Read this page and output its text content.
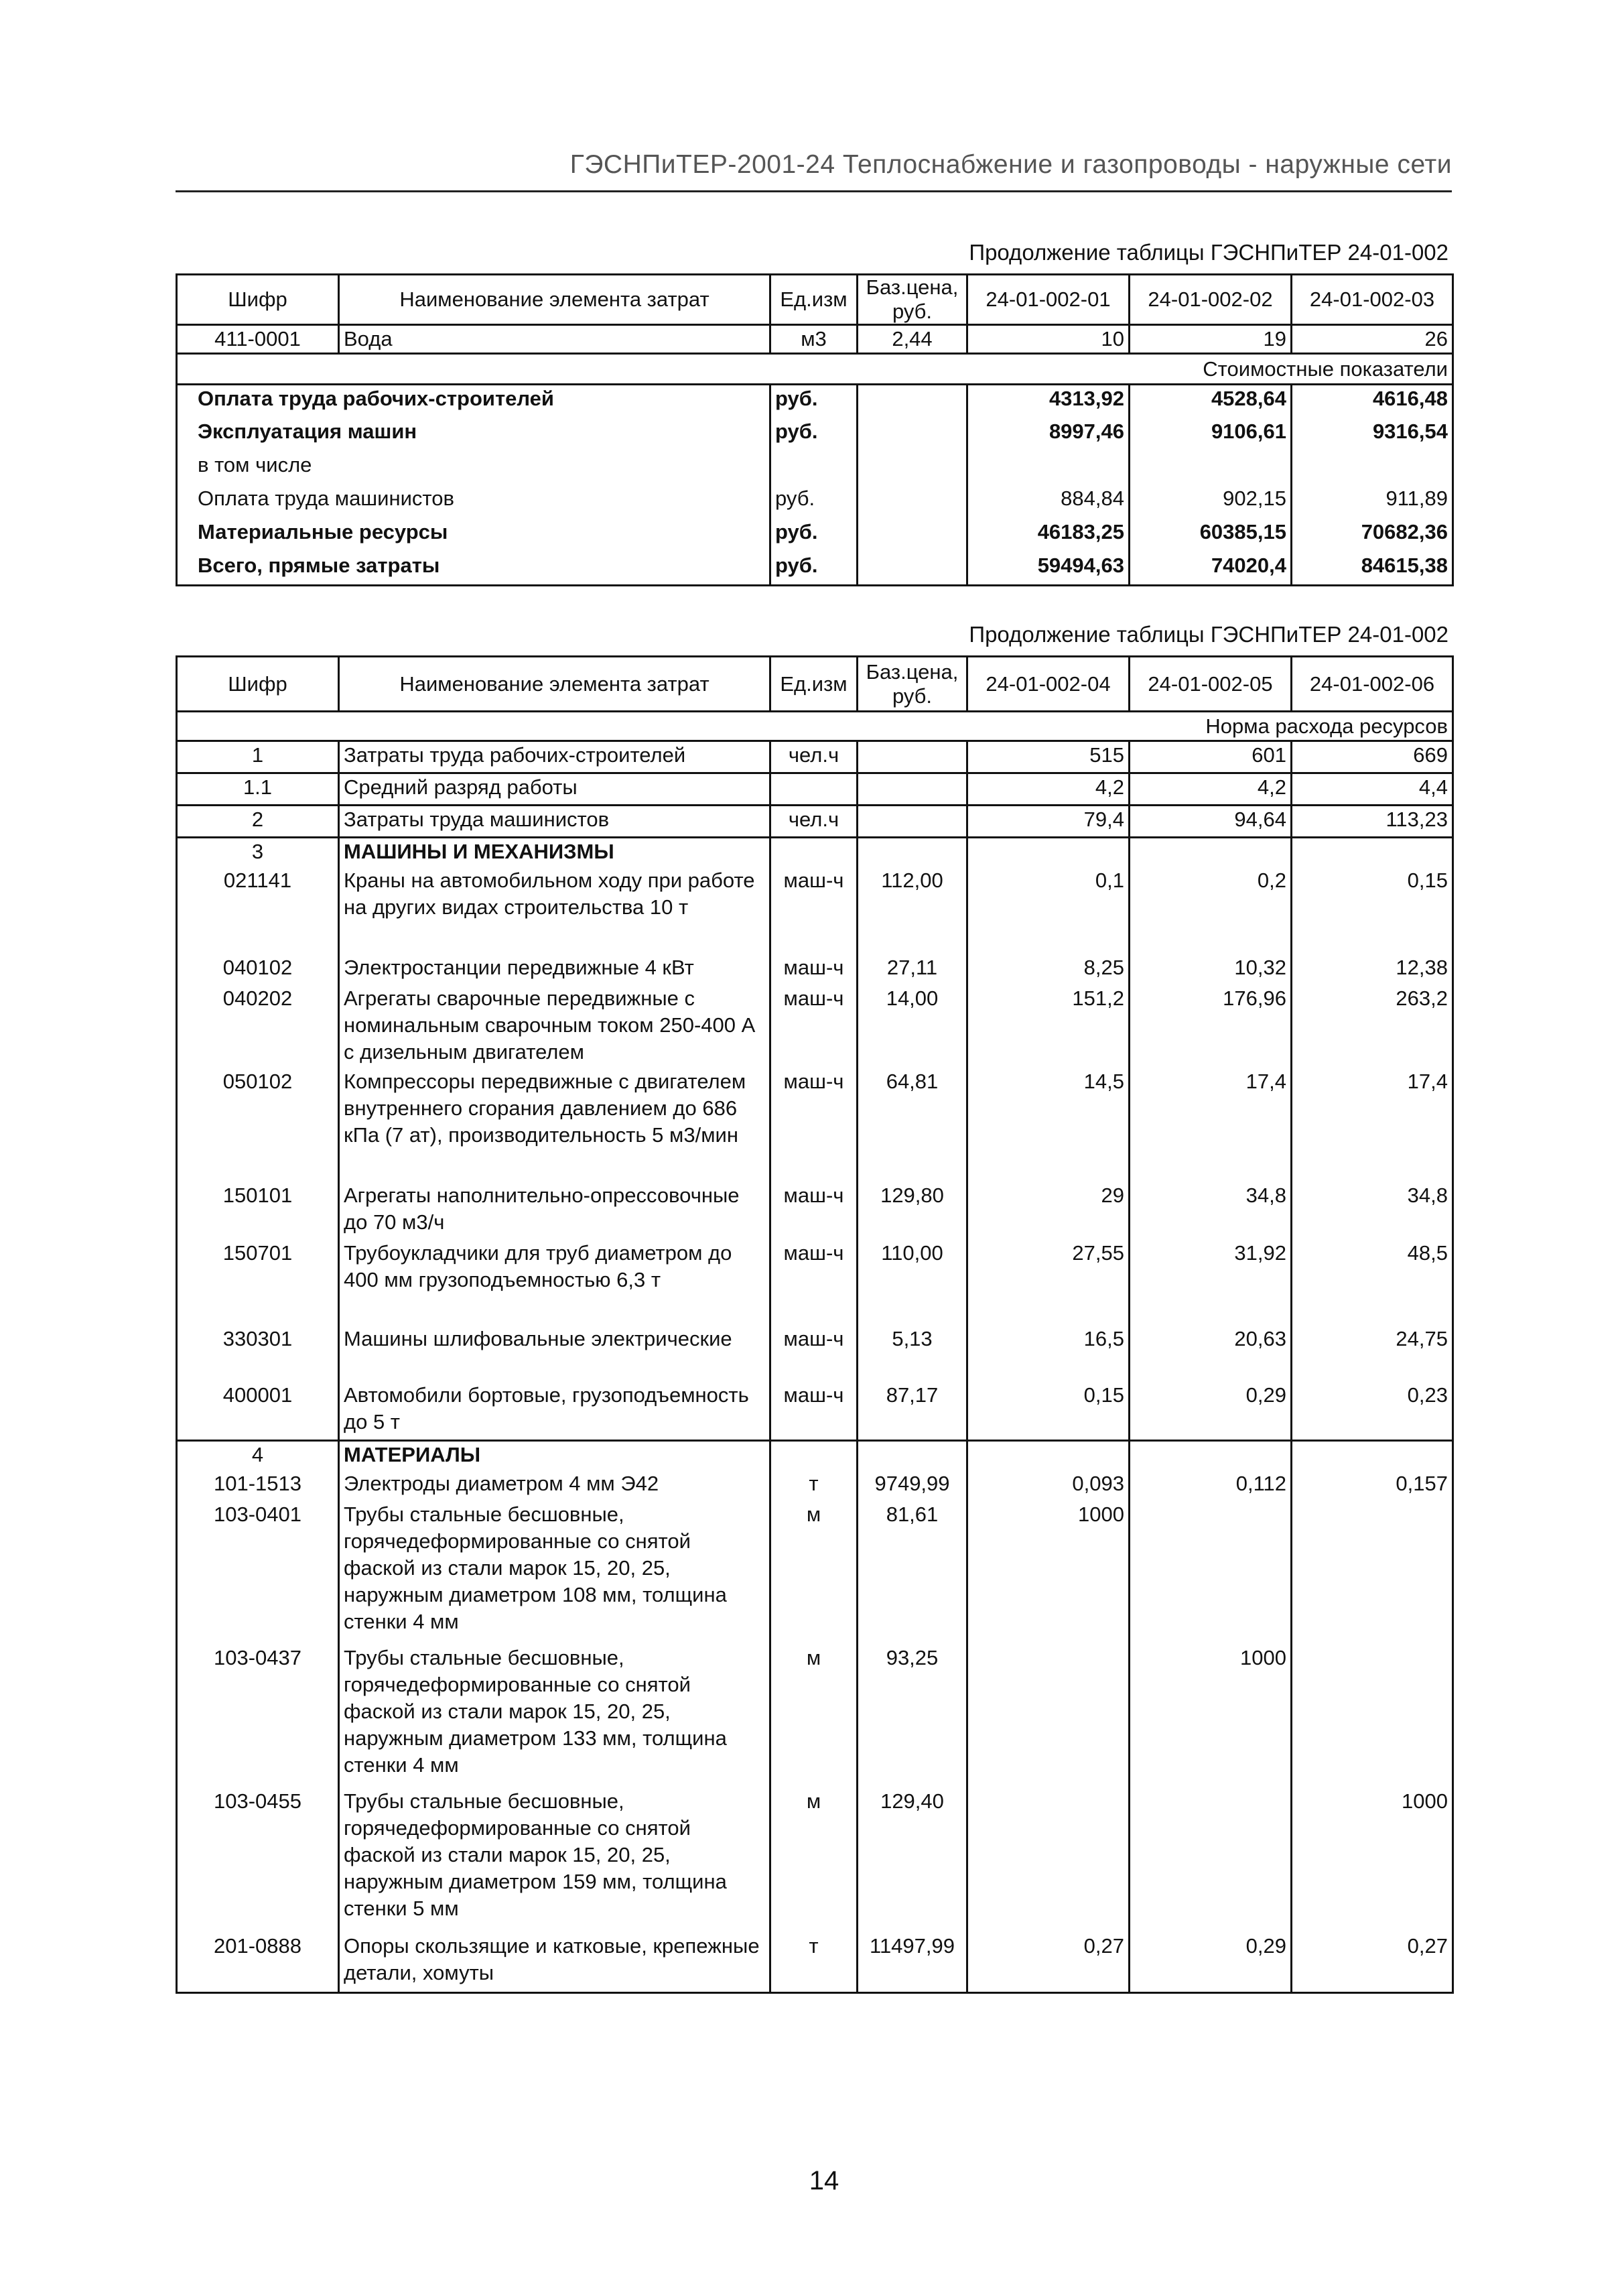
ГЭСНПиТЕР-2001-24 Теплоснабжение и газопроводы - наружные сети
Продолжение таблицы ГЭСНПиТЕР 24-01-002
Шифр	Наименование элемента затрат	Ед.изм	Баз.цена, руб.	24-01-002-01	24-01-002-02	24-01-002-03
411-0001	Вода	м3	2,44	10	19	26
Стоимостные показатели						
Оплата труда рабочих-строителей		руб.		4313,92	4528,64	4616,48
Эксплуатация машин		руб.		8997,46	9106,61	9316,54
в том числе						
Оплата труда машинистов		руб.		884,84	902,15	911,89
Материальные ресурсы		руб.		46183,25	60385,15	70682,36
Всего, прямые затраты		руб.		59494,63	74020,4	84615,38
Продолжение таблицы ГЭСНПиТЕР 24-01-002
Шифр	Наименование элемента затрат	Ед.изм	Баз.цена, руб.	24-01-002-04	24-01-002-05	24-01-002-06
Норма расхода ресурсов						
1	Затраты труда рабочих-строителей	чел.ч		515	601	669
1.1	Средний разряд работы			4,2	4,2	4,4
2	Затраты труда машинистов	чел.ч		79,4	94,64	113,23
3	МАШИНЫ И МЕХАНИЗМЫ					
021141	Краны на автомобильном ходу при работе на других видах строительства 10 т	маш-ч	112,00	0,1	0,2	0,15
040102	Электростанции передвижные 4 кВт	маш-ч	27,11	8,25	10,32	12,38
040202	Агрегаты сварочные передвижные с номинальным сварочным током 250-400 А с дизельным двигателем	маш-ч	14,00	151,2	176,96	263,2
050102	Компрессоры передвижные с двигателем внутреннего сгорания давлением до 686 кПа (7 ат), производительность 5 м3/мин	маш-ч	64,81	14,5	17,4	17,4
150101	Агрегаты наполнительно-опрессовочные до 70 м3/ч	маш-ч	129,80	29	34,8	34,8
150701	Трубоукладчики для труб диаметром до 400 мм грузоподъемностью 6,3 т	маш-ч	110,00	27,55	31,92	48,5
330301	Машины шлифовальные электрические	маш-ч	5,13	16,5	20,63	24,75
400001	Автомобили бортовые, грузоподъемность до 5 т	маш-ч	87,17	0,15	0,29	0,23
4	МАТЕРИАЛЫ					
101-1513	Электроды диаметром 4 мм Э42	т	9749,99	0,093	0,112	0,157
103-0401	Трубы стальные бесшовные, горячедеформированные со снятой фаской из стали марок 15, 20, 25, наружным диаметром 108 мм, толщина стенки 4 мм	м	81,61	1000		
103-0437	Трубы стальные бесшовные, горячедеформированные со снятой фаской из стали марок 15, 20, 25, наружным диаметром 133 мм, толщина стенки 4 мм	м	93,25		1000	
103-0455	Трубы стальные бесшовные, горячедеформированные со снятой фаской из стали марок 15, 20, 25, наружным диаметром 159 мм, толщина стенки 5 мм	м	129,40			1000
201-0888	Опоры скользящие и катковые, крепежные детали, хомуты	т	11497,99	0,27	0,29	0,27
14
